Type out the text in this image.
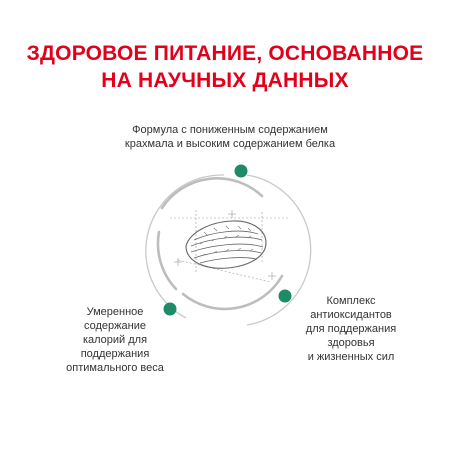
ЗДОРОВОЕ ПИТАНИЕ, ОСНОВАННОЕ
НА НАУЧНЫХ ДАННЫХ

Формула с пониженным содержанием
крахмала и высоким содержанием белка

Умеренное
содержание
калорий для
поддержания
оптимального веса

Комплекс
антиоксидантов
для поддержания
здоровья
и жизненных сил
